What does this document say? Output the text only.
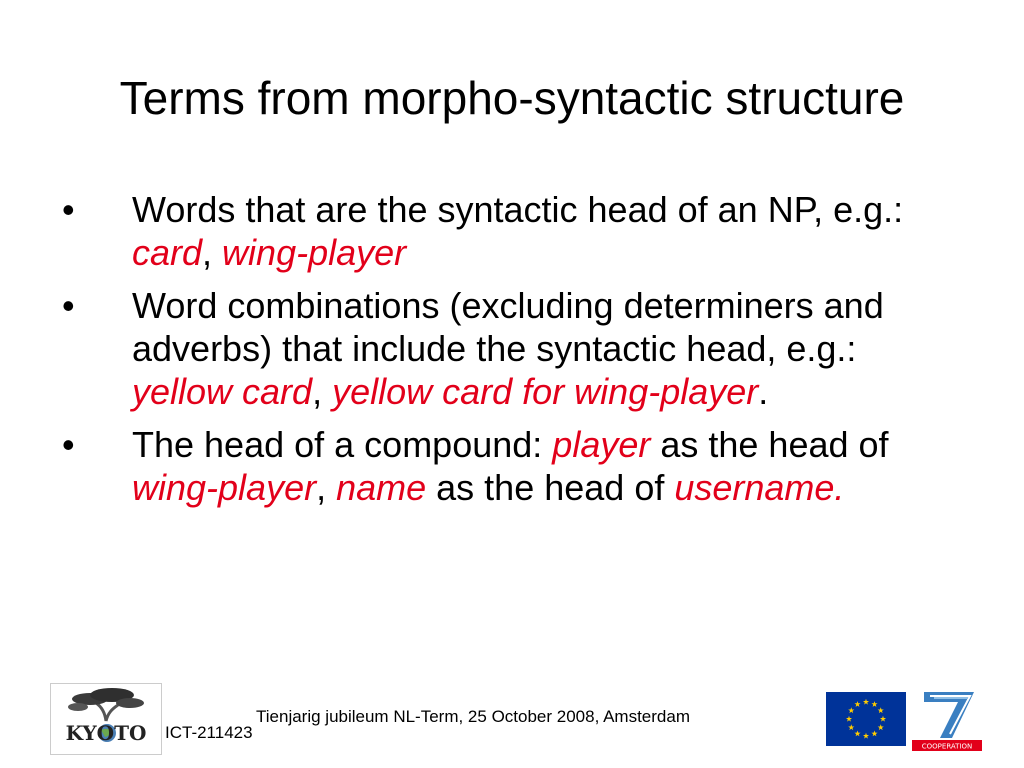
Terms from morpho-syntactic structure
• Words that are the syntactic head of an NP, e.g.: card, wing-player
• Word combinations (excluding determiners and adverbs) that include the syntactic head, e.g.: yellow card, yellow card for wing-player.
• The head of a compound: player as the head of wing-player, name as the head of username.
KYOTO ICT-211423
Tienjarig jubileum NL-Term, 25 October 2008, Amsterdam
COOPERATION
